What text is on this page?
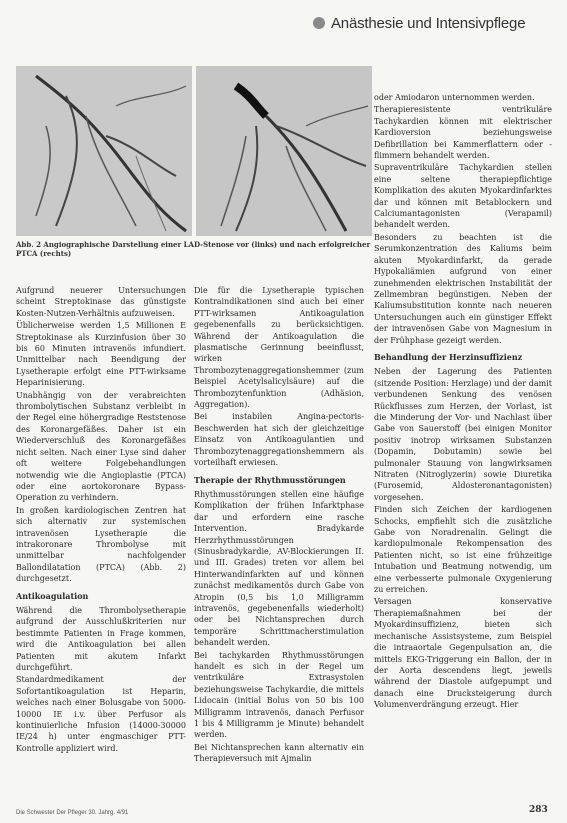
Anästhesie und Intensivpflege
Abb. 2 Angiographische Darstellung einer LAD-Stenose vor (links) und nach erfolgreicher PTCA (rechts)

Aufgrund neuerer Untersuchungen scheint Streptokinase das günstigste Kosten-Nutzen-Verhältnis aufzuweisen.

Üblicherweise werden 1,5 Millionen E Streptokinase als Kurzinfusion über 30 bis 60 Minuten intravenös infundiert. Unmittelbar nach Beendigung der Lysetherapie erfolgt eine PTT-wirksame Heparinisierung.

Unabhängig von der verabreichten thrombolytischen Substanz verbleibt in der Regel eine höhergradige Reststenose des Koronargefäßes. Daher ist ein Wiederverschluß des Koronargefäßes nicht selten. Nach einer Lyse sind daher oft weitere Folgebehandlungen notwendig wie die Angioplastie (PTCA) oder eine aortokoronare Bypass-Operation zu verhindern.

In großen kardiologischen Zentren hat sich alternativ zur systemischen intravenösen Lysetherapie die intrakoronare Thrombolyse mit unmittelbar nachfolgender Ballondilatation (PTCA) (Abb. 2) durchgesetzt.

Antikoagulation

Während die Thrombolysetherapie aufgrund der Ausschlußkriterien nur bestimmte Patienten in Frage kommen, wird die Antikoagulation bei allen Patienten mit akutem Infarkt durchgeführt.

Standardmedikament der Sofortantikoagulation ist Heparin, welches nach einer Bolusgabe von 5000-10000 IE i.v. über Perfusor als kontinuierliche Infusion (14000-30000 IE/24 h) unter engmaschiger PTT-Kontrolle appliziert wird.

Die für die Lysetherapie typischen Kontraindikationen sind auch bei einer PTT-wirksamen Antikoagulation gegebenenfalls zu berücksichtigen. Während der Antikoagulation die plasmatische Gerinnung beeinflusst, wirken Thrombozytenaggregationshemmer (zum Beispiel Acetylsalicylsäure) auf die Thrombozytenfunktion (Adhäsion, Aggregation).

Bei instabilen Angina-pectoris-Beschwerden hat sich der gleichzeitige Einsatz von Antikoagulantien und Thrombozytenaggregationshemmern als vorteilhaft erwiesen.

Therapie der Rhythmusstörungen

Rhythmusstörungen stellen eine häufige Komplikation der frühen Infarktphase dar und erfordern eine rasche Intervention. Bradykarde Herzrhythmusstörungen (Sinusbradykardie, AV-Blockierungen II. und III. Grades) treten vor allem bei Hinterwandinfarkten auf und können zunächst medikamentös durch Gabe von Atropin (0,5 bis 1,0 Milligramm intravenös, gegebenenfalls wiederholt) oder bei Nichtansprechen durch temporäre Schrittmacherstimulation behandelt werden.

Bei tachykarden Rhythmusstörungen handelt es sich in der Regel um ventrikuläre Extrasystolen beziehungsweise Tachykardie, die mittels Lidocain (initial Bolus von 50 bis 100 Milligramm intravenös, danach Perfusor 1 bis 4 Milligramm je Minute) behandelt werden.

Bei Nichtansprechen kann alternativ ein Therapieversuch mit Ajmalin

oder Amiodaron unternommen werden.

Therapieresistente ventrikuläre Tachykardien können mit elektrischer Kardioversion beziehungsweise Defibrillation bei Kammerflattern oder -flimmern behandelt werden.

Supraventrikuläre Tachykardien stellen eine seltene therapiepflichtige Komplikation des akuten Myokardinfarktes dar und können mit Betablockern und Calciumantagonisten (Verapamil) behandelt werden.

Besonders zu beachten ist die Serumkonzentration des Kaliums beim akuten Myokardinfarkt, da gerade Hypokaliämien aufgrund von einer zunehmenden elektrischen Instabilität der Zellmembran begünstigen. Neben der Kaliumsubstitution konnte nach neueren Untersuchungen auch ein günstiger Effekt der intravenösen Gabe von Magnesium in der Frühphase gezeigt werden.

Behandlung der Herzinsuffizienz

Neben der Lagerung des Patienten (sitzende Position: Herzlage) und der damit verbundenen Senkung des venösen Rückflusses zum Herzen, der Vorlast, ist die Minderung der Vor- und Nachlast über Gabe von Sauerstoff (bei einigen Monitor positiv inotrop wirksamen Substanzen (Dopamin, Dobutamin) sowie bei pulmonaler Stauung von langwirksamen Nitraten (Nitroglyzerin) sowie Diuretika (Furosemid, Aldosteronantagonisten) vorgesehen.

Finden sich Zeichen der kardiogenen Schocks, empfiehlt sich die zusätzliche Gabe von Noradrenalin. Gelingt die kardiopulmonale Rekompensation des Patienten nicht, so ist eine frühzeitige Intubation und Beatmung notwendig, um eine verbesserte pulmonale Oxygenierung zu erreichen.

Versagen konservative Therapiemaßnahmen bei der Myokardinsuffizienz, bieten sich mechanische Assistsysteme, zum Beispiel die intraaortale Gegenpulsation an, die mittels EKG-Triggerung ein Ballon, der in der Aorta descendens liegt, jeweils während der Diastole aufgepumpt und danach eine Drucksteigerung durch Volumenverdrängung erzeugt. Hier

Die Schwester Der Pfleger 30. Jahrg. 4/91	283
